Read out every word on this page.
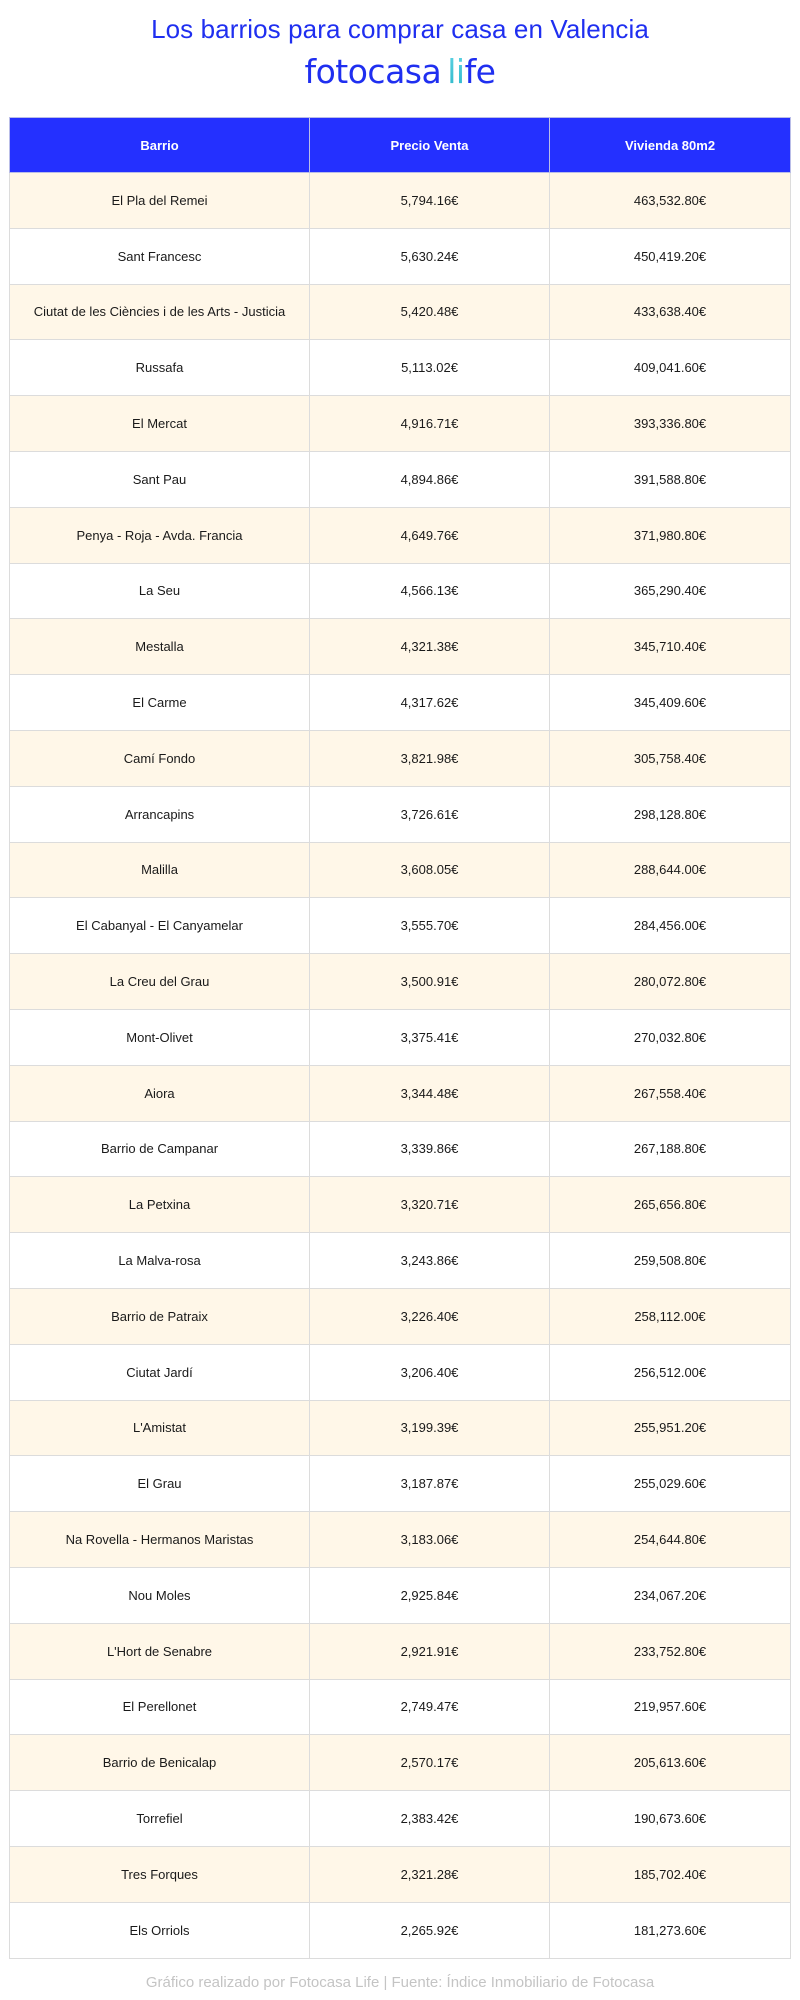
Los barrios para comprar casa en Valencia
fotocasa life
Barrio	Precio Venta	Vivienda 80m2
El Pla del Remei	5,794.16€	463,532.80€
Sant Francesc	5,630.24€	450,419.20€
Ciutat de les Ciències i de les Arts - Justicia	5,420.48€	433,638.40€
Russafa	5,113.02€	409,041.60€
El Mercat	4,916.71€	393,336.80€
Sant Pau	4,894.86€	391,588.80€
Penya - Roja - Avda. Francia	4,649.76€	371,980.80€
La Seu	4,566.13€	365,290.40€
Mestalla	4,321.38€	345,710.40€
El Carme	4,317.62€	345,409.60€
Camí Fondo	3,821.98€	305,758.40€
Arrancapins	3,726.61€	298,128.80€
Malilla	3,608.05€	288,644.00€
El Cabanyal - El Canyamelar	3,555.70€	284,456.00€
La Creu del Grau	3,500.91€	280,072.80€
Mont-Olivet	3,375.41€	270,032.80€
Aiora	3,344.48€	267,558.40€
Barrio de Campanar	3,339.86€	267,188.80€
La Petxina	3,320.71€	265,656.80€
La Malva-rosa	3,243.86€	259,508.80€
Barrio de Patraix	3,226.40€	258,112.00€
Ciutat Jardí	3,206.40€	256,512.00€
L'Amistat	3,199.39€	255,951.20€
El Grau	3,187.87€	255,029.60€
Na Rovella - Hermanos Maristas	3,183.06€	254,644.80€
Nou Moles	2,925.84€	234,067.20€
L'Hort de Senabre	2,921.91€	233,752.80€
El Perellonet	2,749.47€	219,957.60€
Barrio de Benicalap	2,570.17€	205,613.60€
Torrefiel	2,383.42€	190,673.60€
Tres Forques	2,321.28€	185,702.40€
Els Orriols	2,265.92€	181,273.60€
Gráfico realizado por Fotocasa Life | Fuente: Índice Inmobiliario de Fotocasa
